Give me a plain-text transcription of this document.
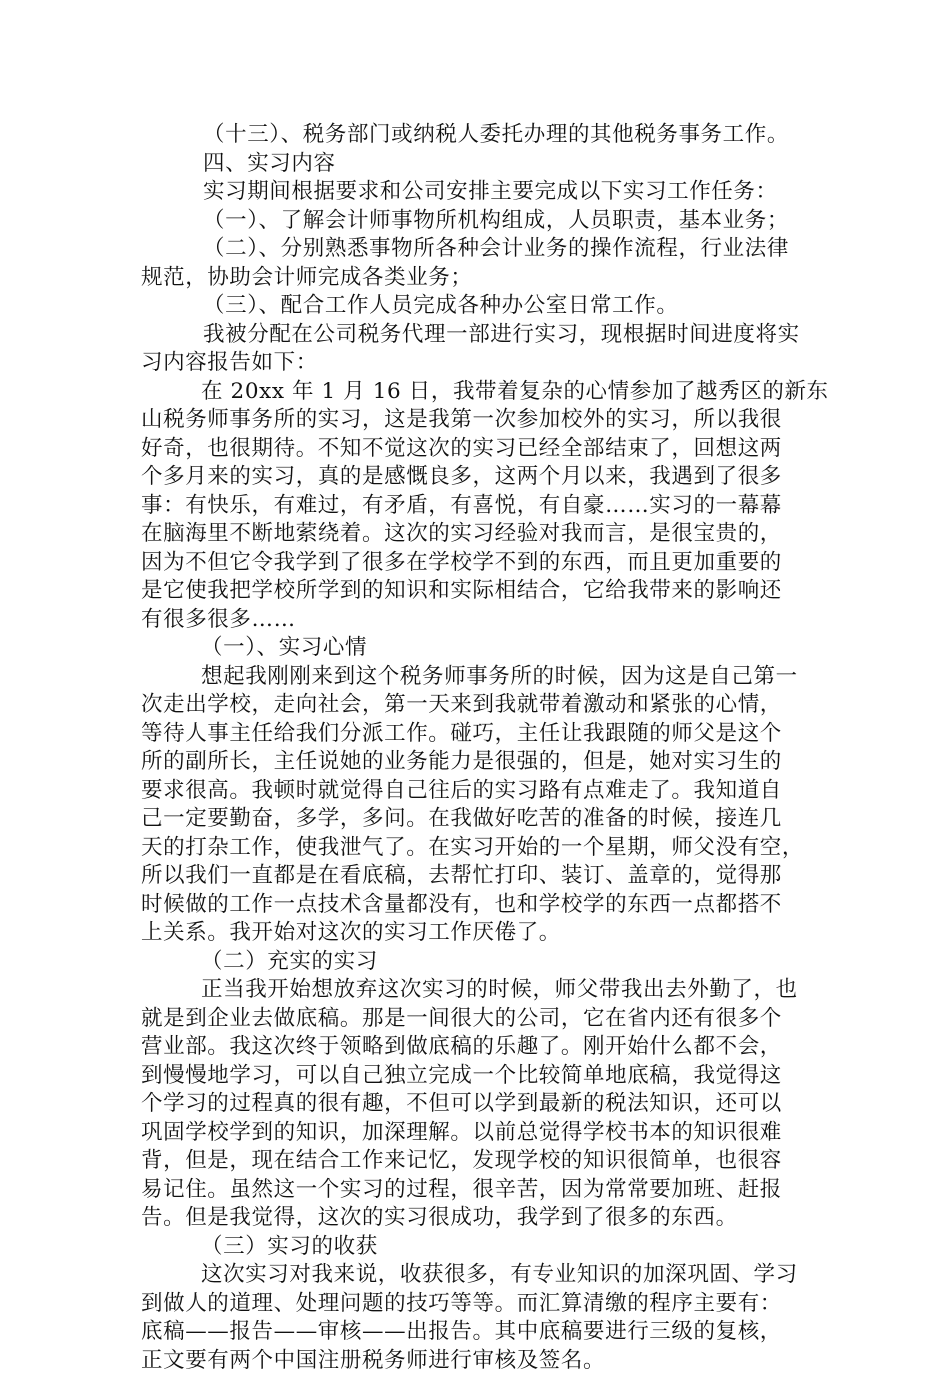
（十三）、税务部门或纳税人委托办理的其他税务事务工作。
四、实习内容
实习期间根据要求和公司安排主要完成以下实习工作任务：
（一）、了解会计师事物所机构组成，人员职责，基本业务；
（二）、分别熟悉事物所各种会计业务的操作流程，行业法律
规范，协助会计师完成各类业务；
（三）、配合工作人员完成各种办公室日常工作。
我被分配在公司税务代理一部进行实习，现根据时间进度将实
习内容报告如下：
在 20xx 年 1 月 16 日，我带着复杂的心情参加了越秀区的新东
山税务师事务所的实习，这是我第一次参加校外的实习，所以我很
好奇，也很期待。不知不觉这次的实习已经全部结束了，回想这两
个多月来的实习，真的是感慨良多，这两个月以来，我遇到了很多
事：有快乐，有难过，有矛盾，有喜悦，有自豪……实习的一幕幕
在脑海里不断地萦绕着。这次的实习经验对我而言，是很宝贵的，
因为不但它令我学到了很多在学校学不到的东西，而且更加重要的
是它使我把学校所学到的知识和实际相结合，它给我带来的影响还
有很多很多……
（一）、实习心情
想起我刚刚来到这个税务师事务所的时候，因为这是自己第一
次走出学校，走向社会，第一天来到我就带着激动和紧张的心情，
等待人事主任给我们分派工作。碰巧，主任让我跟随的师父是这个
所的副所长，主任说她的业务能力是很强的，但是，她对实习生的
要求很高。我顿时就觉得自己往后的实习路有点难走了。我知道自
己一定要勤奋，多学，多问。在我做好吃苦的准备的时候，接连几
天的打杂工作，使我泄气了。在实习开始的一个星期，师父没有空，
所以我们一直都是在看底稿，去帮忙打印、装订、盖章的，觉得那
时候做的工作一点技术含量都没有，也和学校学的东西一点都搭不
上关系。我开始对这次的实习工作厌倦了。
（二）充实的实习
正当我开始想放弃这次实习的时候，师父带我出去外勤了，也
就是到企业去做底稿。那是一间很大的公司，它在省内还有很多个
营业部。我这次终于领略到做底稿的乐趣了。刚开始什么都不会，
到慢慢地学习，可以自己独立完成一个比较简单地底稿，我觉得这
个学习的过程真的很有趣，不但可以学到最新的税法知识，还可以
巩固学校学到的知识，加深理解。以前总觉得学校书本的知识很难
背，但是，现在结合工作来记忆，发现学校的知识很简单，也很容
易记住。虽然这一个实习的过程，很辛苦，因为常常要加班、赶报
告。但是我觉得，这次的实习很成功，我学到了很多的东西。
（三）实习的收获
这次实习对我来说，收获很多，有专业知识的加深巩固、学习
到做人的道理、处理问题的技巧等等。而汇算清缴的程序主要有：
底稿——报告——审核——出报告。其中底稿要进行三级的复核，
正文要有两个中国注册税务师进行审核及签名。
